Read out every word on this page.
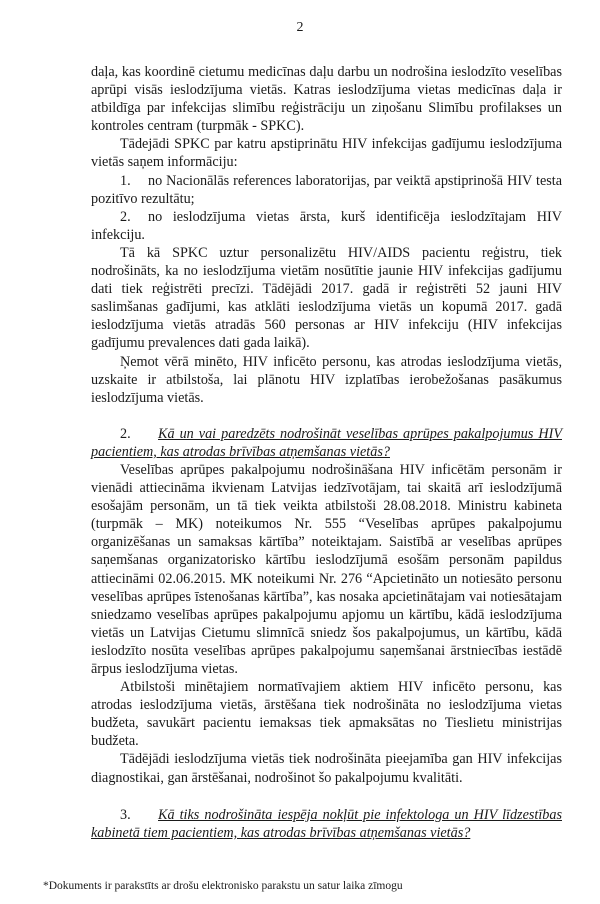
2

daļa, kas koordinē cietumu medicīnas daļu darbu un nodrošina ieslodzīto veselības aprūpi visās ieslodzījuma vietās. Katras ieslodzījuma vietas medicīnas daļa ir atbildīga par infekcijas slimību reģistrāciju un ziņošanu Slimību profilakses un kontroles centram (turpmāk - SPKC).

Tādejādi SPKC par katru apstiprinātu HIV infekcijas gadījumu ieslodzījuma vietās saņem informāciju:

1. no Nacionālās references laboratorijas, par veiktā apstiprinošā HIV testa pozitīvo rezultātu;

2. no ieslodzījuma vietas ārsta, kurš identificēja ieslodzītajam HIV infekciju.

Tā kā SPKC uztur personalizētu HIV/AIDS pacientu reģistru, tiek nodrošināts, ka no ieslodzījuma vietām nosūtītie jaunie HIV infekcijas gadījumu dati tiek reģistrēti precīzi. Tādējādi 2017. gadā ir reģistrēti 52 jauni HIV saslimšanas gadījumi, kas atklāti ieslodzījuma vietās un kopumā 2017. gadā ieslodzījuma vietās atradās 560 personas ar HIV infekciju (HIV infekcijas gadījumu prevalences dati gada laikā).

Ņemot vērā minēto, HIV inficēto personu, kas atrodas ieslodzījuma vietās, uzskaite ir atbilstoša, lai plānotu HIV izplatības ierobežošanas pasākumus ieslodzījuma vietās.

2. Kā un vai paredzēts nodrošināt veselības aprūpes pakalpojumus HIV pacientiem, kas atrodas brīvības atņemšanas vietās?

Veselības aprūpes pakalpojumu nodrošināšana HIV inficētām personām ir vienādi attiecināma ikvienam Latvijas iedzīvotājam, tai skaitā arī ieslodzījumā esošajām personām, un tā tiek veikta atbilstoši 28.08.2018. Ministru kabineta (turpmāk – MK) noteikumos Nr. 555 “Veselības aprūpes pakalpojumu organizēšanas un samaksas kārtība” noteiktajam. Saistībā ar veselības aprūpes saņemšanas organizatorisko kārtību ieslodzījumā esošām personām papildus attiecināmi 02.06.2015. MK noteikumi Nr. 276 “Apcietināto un notiesāto personu veselības aprūpes īstenošanas kārtība”, kas nosaka apcietinātajam vai notiesātajam sniedzamo veselības aprūpes pakalpojumu apjomu un kārtību, kādā ieslodzījuma vietās un Latvijas Cietumu slimnīcā sniedz šos pakalpojumus, un kārtību, kādā ieslodzīto nosūta veselības aprūpes pakalpojumu saņemšanai ārstniecības iestādē ārpus ieslodzījuma vietas.

Atbilstoši minētajiem normatīvajiem aktiem HIV inficēto personu, kas atrodas ieslodzījuma vietās, ārstēšana tiek nodrošināta no ieslodzījuma vietas budžeta, savukārt pacientu iemaksas tiek apmaksātas no Tieslietu ministrijas budžeta.

Tādējādi ieslodzījuma vietās tiek nodrošināta pieejamība gan HIV infekcijas diagnostikai, gan ārstēšanai, nodrošinot šo pakalpojumu kvalitāti.

3. Kā tiks nodrošināta iespēja nokļūt pie infektologa un HIV līdzestības kabinetā tiem pacientiem, kas atrodas brīvības atņemšanas vietās?

*Dokuments ir parakstīts ar drošu elektronisko parakstu un satur laika zīmogu
